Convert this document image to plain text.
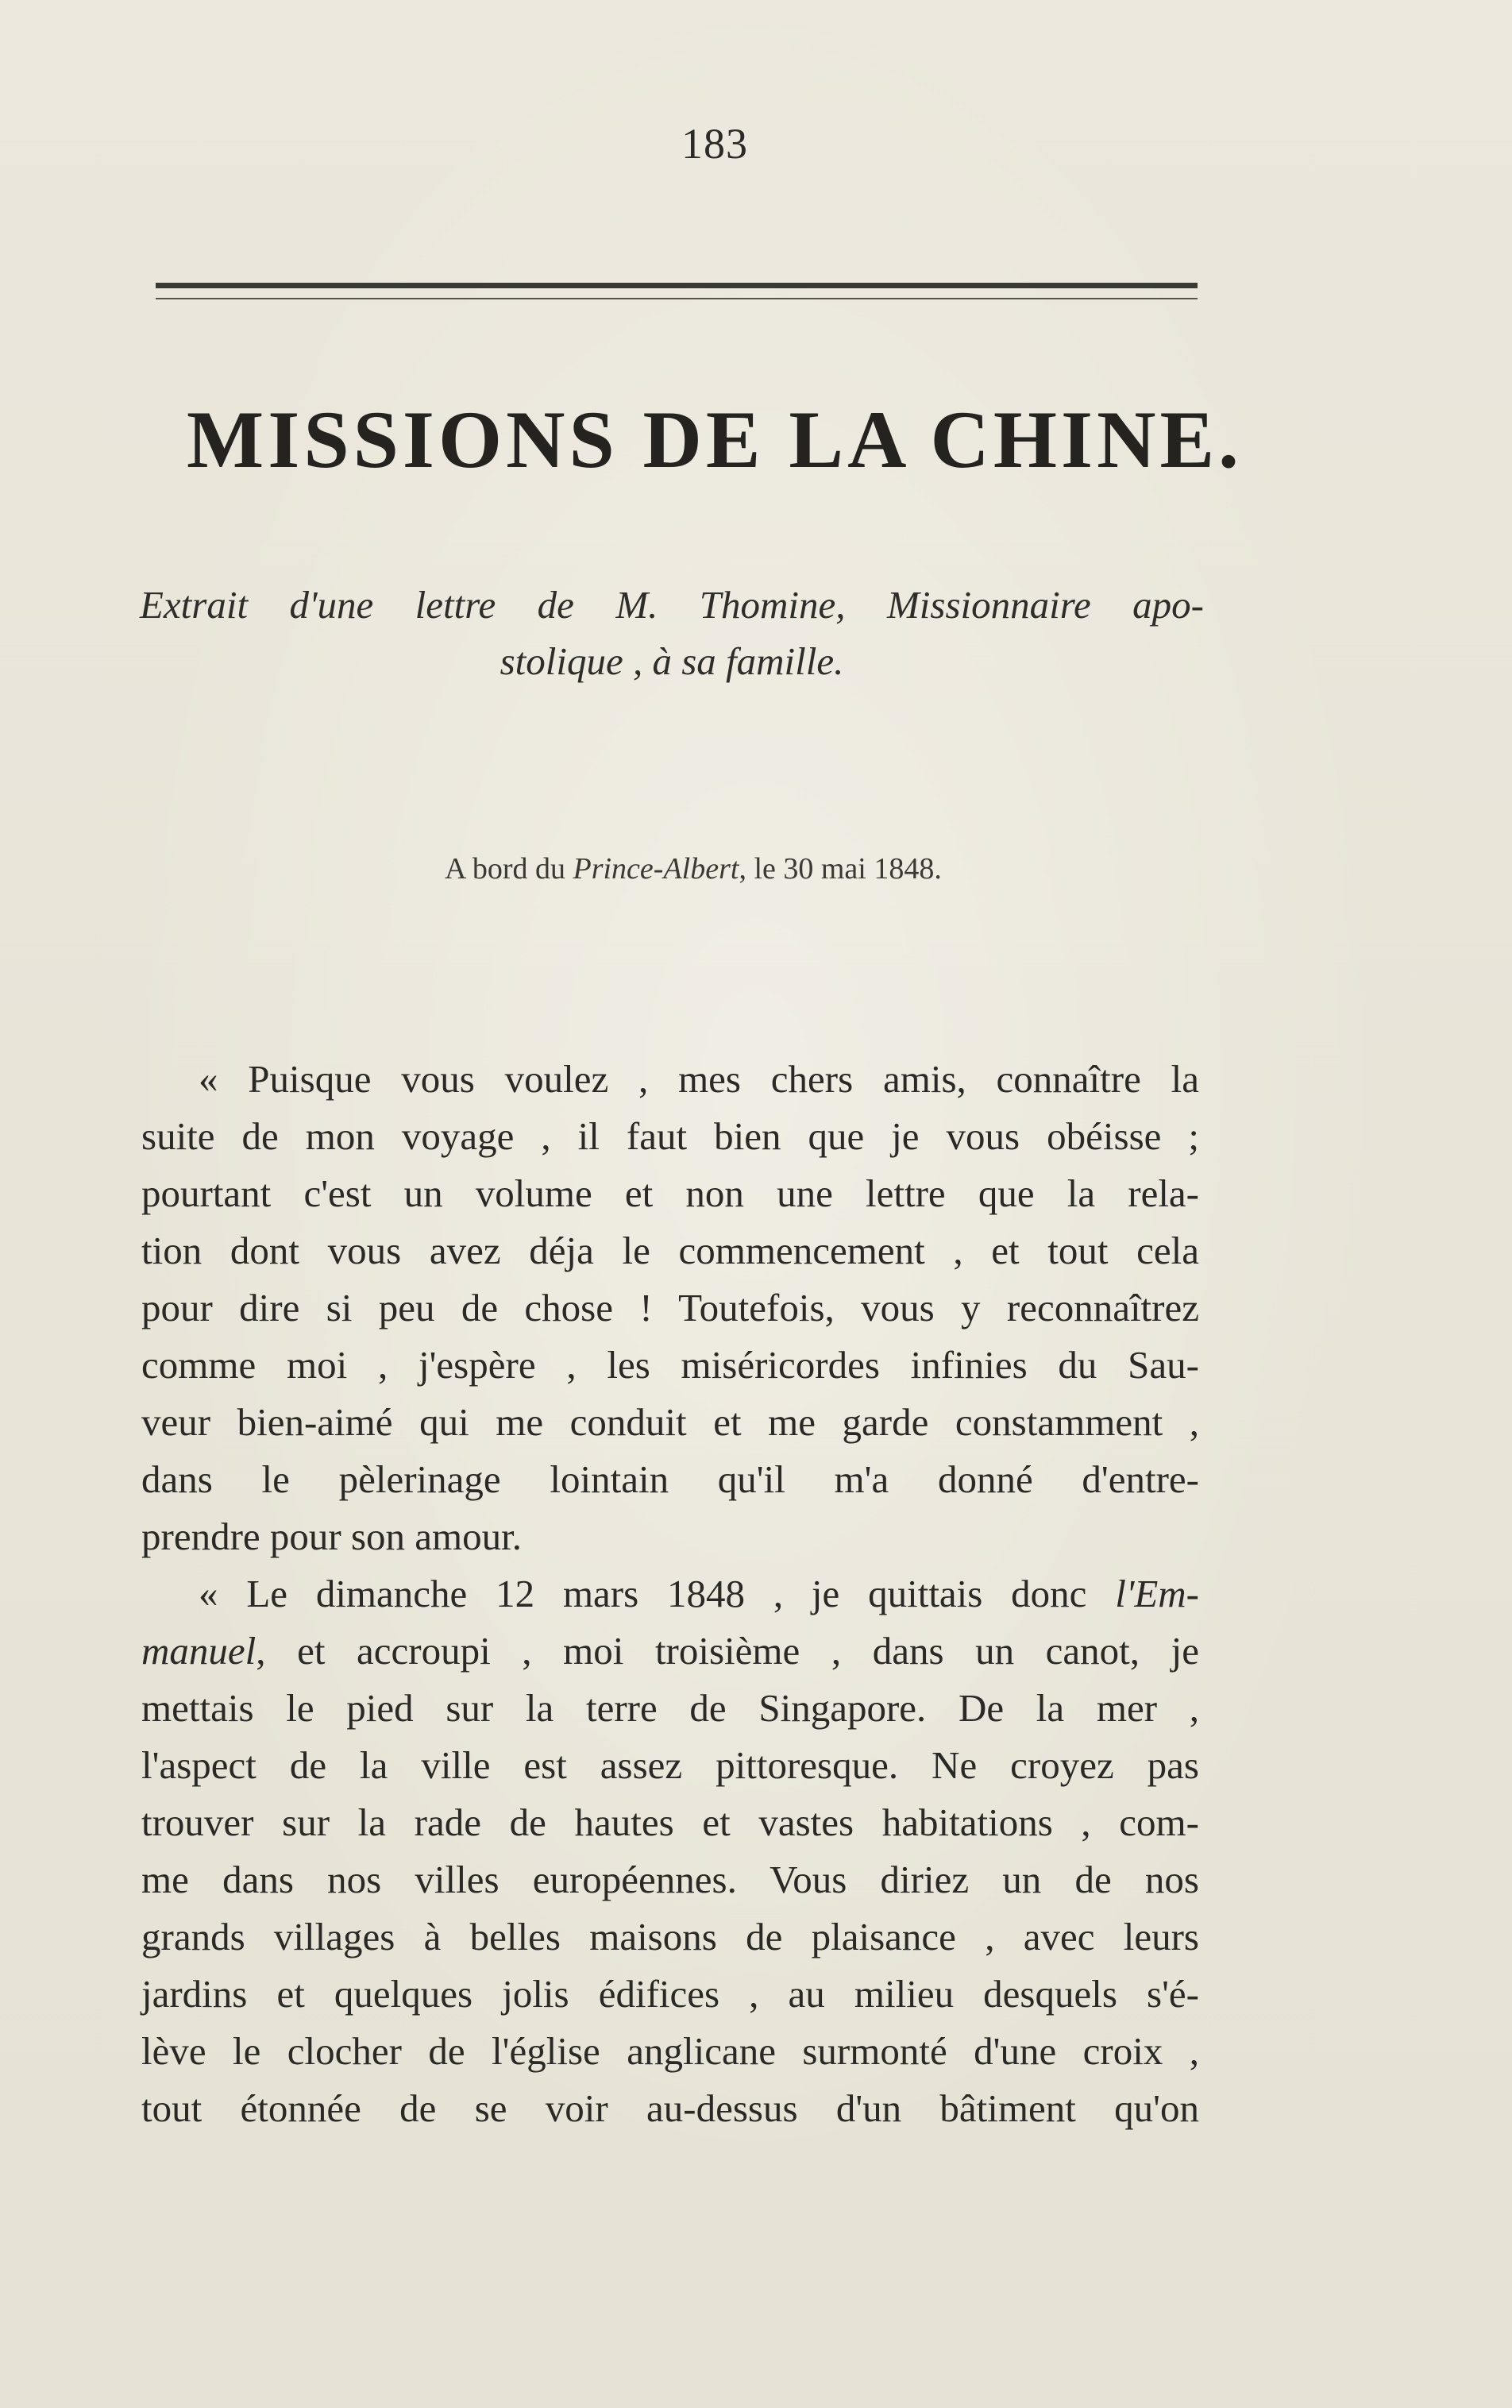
183
MISSIONS DE LA CHINE.
Extrait d'une lettre de M. Thomine, Missionnaire apo-
stolique , à sa famille.
A bord du Prince-Albert, le 30 mai 1848.
« Puisque vous voulez , mes chers amis, connaître la
suite de mon voyage , il faut bien que je vous obéisse ;
pourtant c'est un volume et non une lettre que la rela-
tion dont vous avez déja le commencement , et tout cela
pour dire si peu de chose ! Toutefois, vous y reconnaîtrez
comme moi , j'espère , les miséricordes infinies du Sau-
veur bien-aimé qui me conduit et me garde constamment ,
dans le pèlerinage lointain qu'il m'a donné d'entre-
prendre pour son amour.
« Le dimanche 12 mars 1848 , je quittais donc l'Em-
manuel, et accroupi , moi troisième , dans un canot, je
mettais le pied sur la terre de Singapore. De la mer ,
l'aspect de la ville est assez pittoresque. Ne croyez pas
trouver sur la rade de hautes et vastes habitations , com-
me dans nos villes européennes. Vous diriez un de nos
grands villages à belles maisons de plaisance , avec leurs
jardins et quelques jolis édifices , au milieu desquels s'é-
lève le clocher de l'église anglicane surmonté d'une croix ,
tout étonnée de se voir au-dessus d'un bâtiment qu'on
